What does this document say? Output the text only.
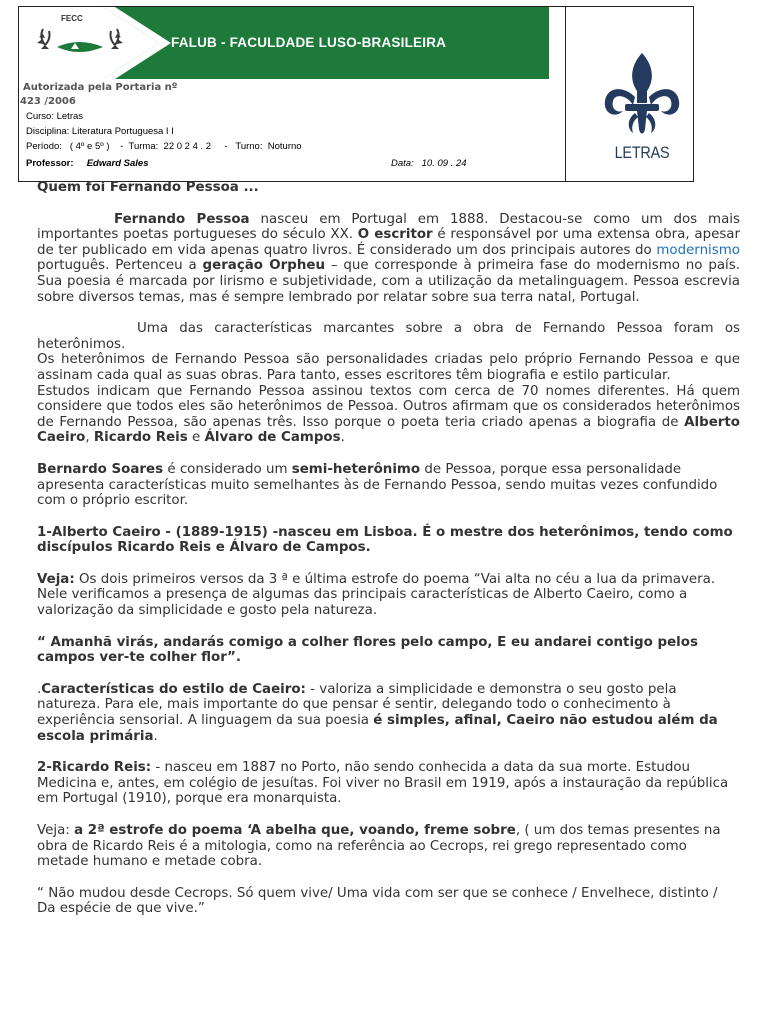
FECC
FALUB - FACULDADE LUSO-BRASILEIRA
Autorizada pela Portaria nº
423 /2006
Curso: Letras
Disciplina: Literatura Portuguesa I I
Período: ( 4º e 5º )    -  Turma: 22 0 2 4 . 2     -   Turno: Noturno
Professor: Edward Sales	Data: 10. 09 . 24
LETRAS

Quem foi Fernando Pessoa ...

Fernando Pessoa nasceu em Portugal em 1888. Destacou-se como um dos mais importantes poetas portugueses do século XX. O escritor é responsável por uma extensa obra, apesar de ter publicado em vida apenas quatro livros. É considerado um dos principais autores do modernismo português. Pertenceu a geração Orpheu – que corresponde à primeira fase do modernismo no país. Sua poesia é marcada por lirismo e subjetividade, com a utilização da metalinguagem. Pessoa escrevia sobre diversos temas, mas é sempre lembrado por relatar sobre sua terra natal, Portugal.

Uma das características marcantes sobre a obra de Fernando Pessoa foram os heterônimos.

Os heterônimos de Fernando Pessoa são personalidades criadas pelo próprio Fernando Pessoa e que assinam cada qual as suas obras. Para tanto, esses escritores têm biografia e estilo particular.

Estudos indicam que Fernando Pessoa assinou textos com cerca de 70 nomes diferentes. Há quem considere que todos eles são heterônimos de Pessoa. Outros afirmam que os considerados heterônimos de Fernando Pessoa, são apenas três. Isso porque o poeta teria criado apenas a biografia de Alberto Caeiro, Ricardo Reis e Álvaro de Campos.

Bernardo Soares é considerado um semi-heterônimo de Pessoa, porque essa personalidade apresenta características muito semelhantes às de Fernando Pessoa, sendo muitas vezes confundido com o próprio escritor.

1-Alberto Caeiro - (1889-1915) -nasceu em Lisboa. É o mestre dos heterônimos, tendo como discípulos Ricardo Reis e Álvaro de Campos.

Veja: Os dois primeiros versos da 3 ª e última estrofe do poema “Vai alta no céu a lua da primavera. Nele verificamos a presença de algumas das principais características de Alberto Caeiro, como a valorização da simplicidade e gosto pela natureza.

“ Amanhã virás, andarás comigo a colher flores pelo campo, E eu andarei contigo pelos campos ver-te colher flor”.

.Características do estilo de Caeiro: - valoriza a simplicidade e demonstra o seu gosto pela natureza. Para ele, mais importante do que pensar é sentir, delegando todo o conhecimento à experiência sensorial. A linguagem da sua poesia é simples, afinal, Caeiro não estudou além da escola primária.

2-Ricardo Reis: - nasceu em 1887 no Porto, não sendo conhecida a data da sua morte. Estudou Medicina e, antes, em colégio de jesuítas. Foi viver no Brasil em 1919, após a instauração da república em Portugal (1910), porque era monarquista.

Veja: a 2ª estrofe do poema ‘A abelha que, voando, freme sobre, ( um dos temas presentes na obra de Ricardo Reis é a mitologia, como na referência ao Cecrops, rei grego representado como metade humano e metade cobra.

“ Não mudou desde Cecrops. Só quem vive/ Uma vida com ser que se conhece / Envelhece, distinto / Da espécie de que vive.”
